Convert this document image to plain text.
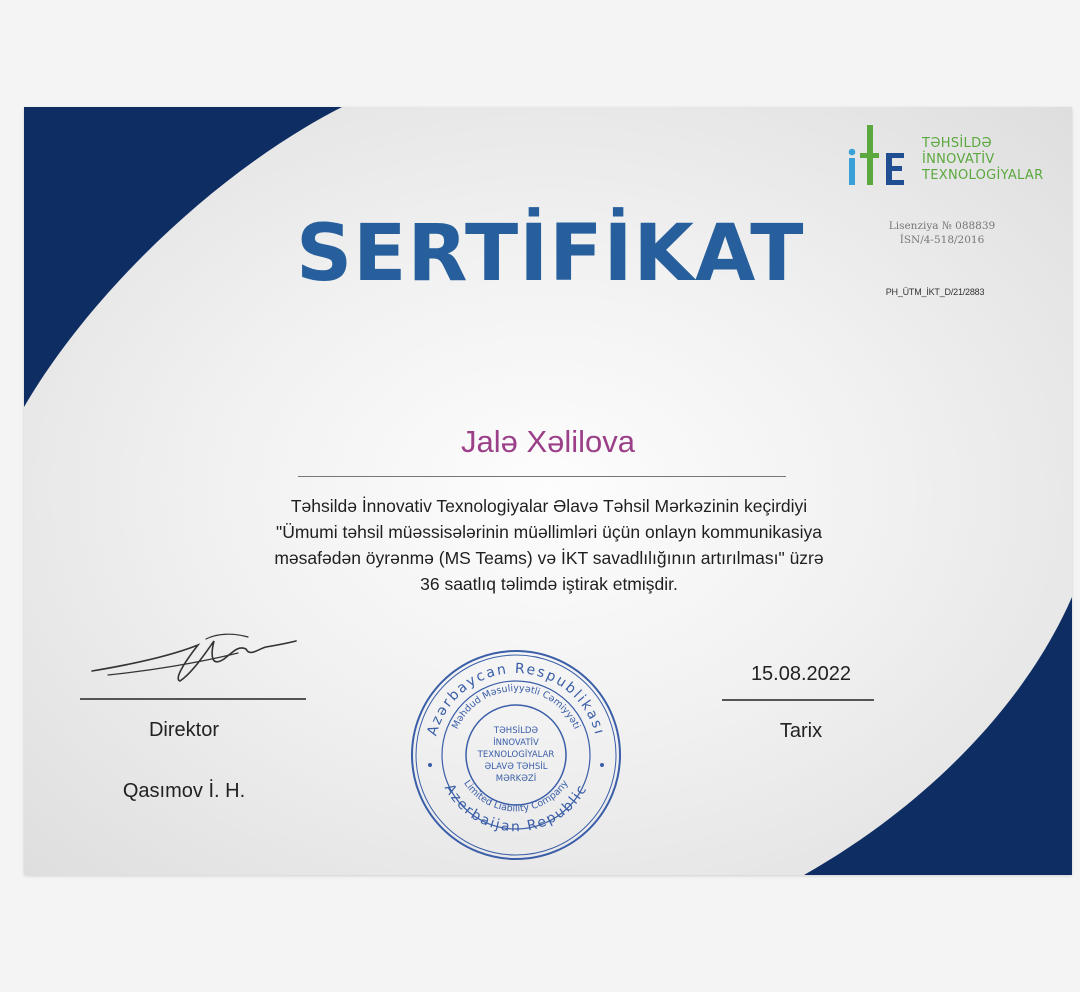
SERTİFİKAT
TƏHSİLDƏ
İNNOVATİV
TEXNOLOGİYALAR
Lisenziya № 088839
İSN/4-518/2016
PH_ÜTM_İKT_D/21/2883
Jalə Xəlilova
Təhsildə İnnovativ Texnologiyalar Əlavə Təhsil Mərkəzinin keçirdiyi
"Ümumi təhsil müəssisələrinin müəllimləri üçün onlayn kommunikasiya
məsafədən öyrənmə (MS Teams) və İKT savadlılığının artırılması" üzrə
36 saatlıq təlimdə iştirak etmişdir.
Direktor
Qasımov İ. H.
15.08.2022
Tarix
Azərbaycan Respublikası
Azerbaijan Republic
Məhdud Məsuliyyətli Cəmiyyəti
Limited Liability Company
TƏHSİLDƏ
İNNOVATİV
TEXNOLOGİYALAR
ƏLAVƏ TƏHSİL
MƏRKƏZİ
